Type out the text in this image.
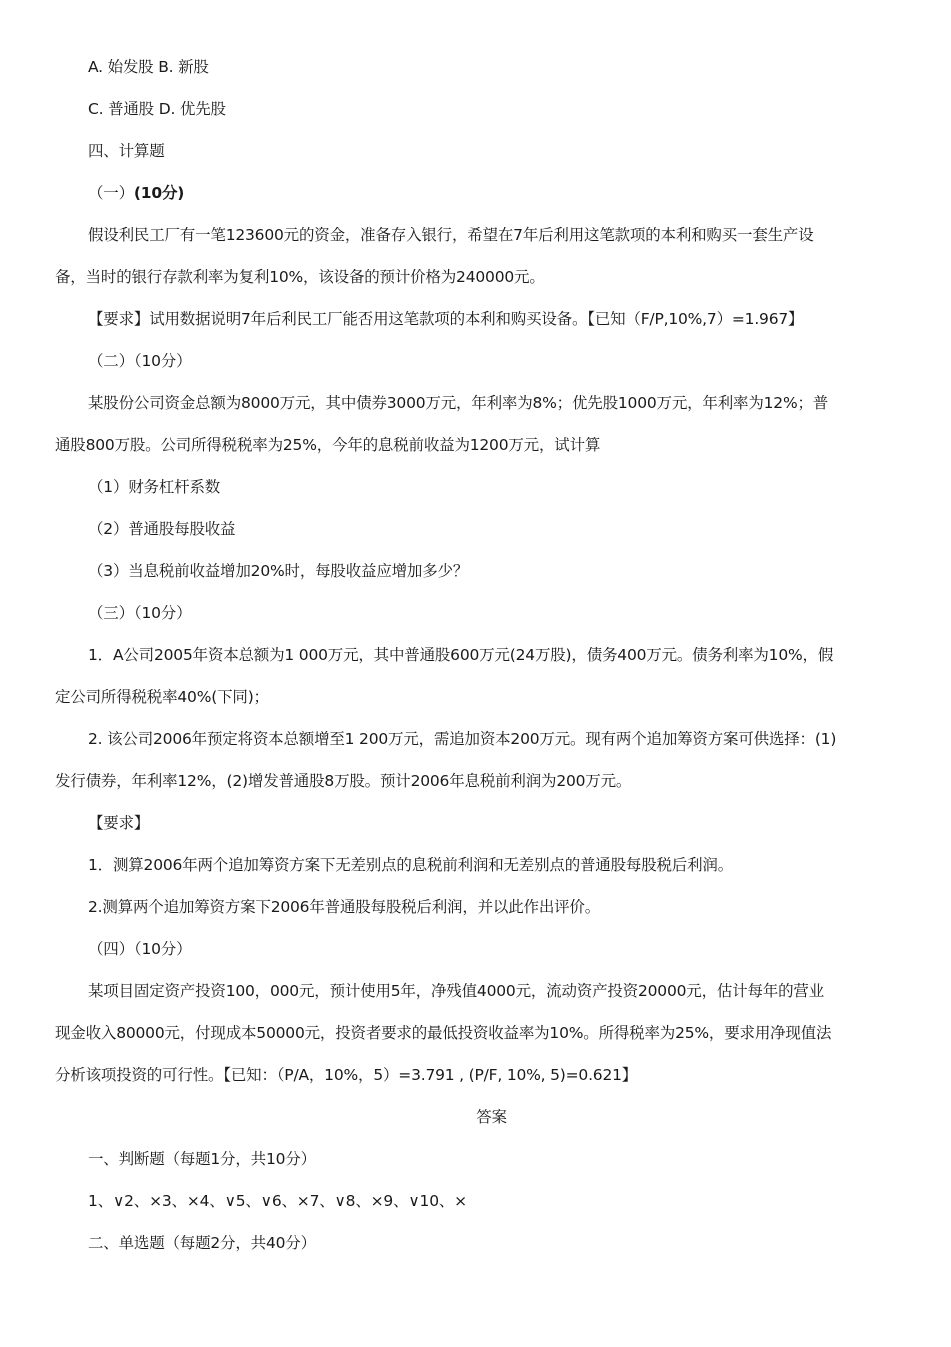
A. 始发股 B. 新股
C. 普通股 D. 优先股
四、计算题
（一）(10分)
假设利民工厂有一笔123600元的资金，准备存入银行，希望在7年后利用这笔款项的本利和购买一套生产设
备，当时的银行存款利率为复利10%，该设备的预计价格为240000元。
【要求】试用数据说明7年后利民工厂能否用这笔款项的本利和购买设备。【已知（F/P,10%,7）=1.967】
（二）（10分）
某股份公司资金总额为8000万元，其中债券3000万元，年利率为8%；优先股1000万元，年利率为12%；普
通股800万股。公司所得税税率为25%，今年的息税前收益为1200万元，试计算
（1）财务杠杆系数
（2）普通股每股收益
（3）当息税前收益增加20%时，每股收益应增加多少？
（三）（10分）
1．A公司2005年资本总额为1 000万元，其中普通股600万元(24万股)，债务400万元。债务利率为10%，假
定公司所得税税率40%(下同)；
2. 该公司2006年预定将资本总额增至1 200万元，需追加资本200万元。现有两个追加筹资方案可供选择：(1)
发行债券，年利率12%，(2)增发普通股8万股。预计2006年息税前利润为200万元。
【要求】
1．测算2006年两个追加筹资方案下无差别点的息税前利润和无差别点的普通股每股税后利润。
2.测算两个追加筹资方案下2006年普通股每股税后利润，并以此作出评价。
（四）（10分）
某项目固定资产投资100，000元，预计使用5年，净残值4000元，流动资产投资20000元，估计每年的营业
现金收入80000元，付现成本50000元，投资者要求的最低投资收益率为10%。所得税率为25%，要求用净现值法
分析该项投资的可行性。【已知：（P/A，10%，5）=3.791 , (P/F, 10%, 5)=0.621】
答案
一、判断题（每题1分，共10分）
1、∨2、×3、×4、∨5、∨6、×7、∨8、×9、∨10、×
二、单选题（每题2分，共40分）
